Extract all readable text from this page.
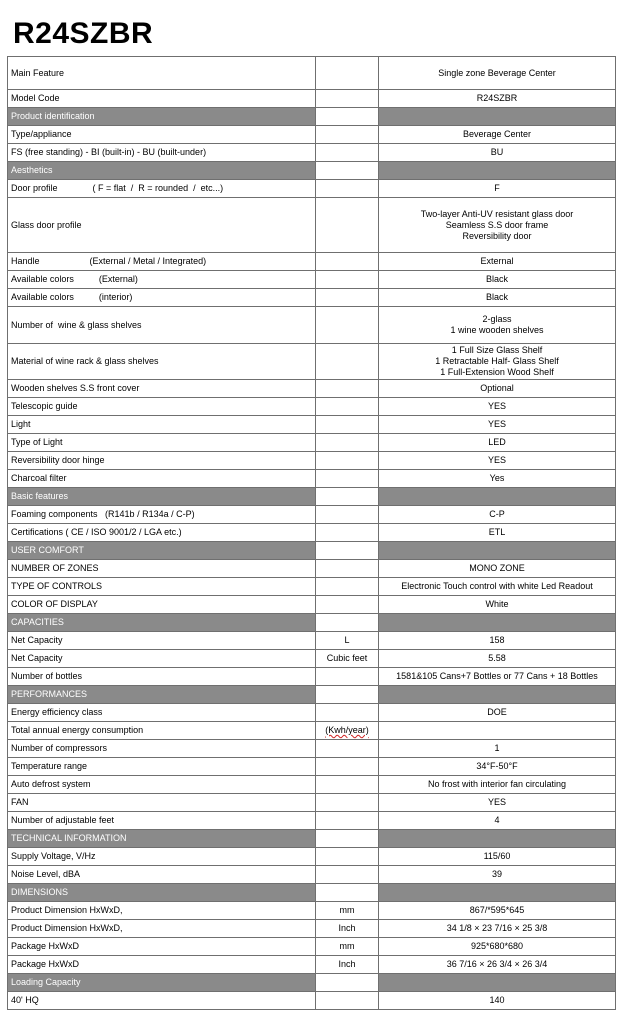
R24SZBR
Main Feature		Single zone Beverage Center

Model Code		R24SZBR

Product identification		
Type/appliance		Beverage Center

FS (free standing) - BI (built-in) - BU (built-under)		BU

Aesthetics		
Door profile              ( F = flat  /  R = rounded  /  etc...)		F

Glass door profile		Two-layer Anti-UV resistant glass door
Seamless S.S door frame
Reversibility door

Handle                    (External / Metal / Integrated)		External

Available colors          (External)		Black

Available colors          (interior)		Black

Number of  wine & glass shelves		2-glass
1 wine wooden shelves

Material of wine rack & glass shelves		1 Full Size Glass Shelf
1 Retractable Half- Glass Shelf
1 Full-Extension Wood Shelf

Wooden shelves S.S front cover		Optional

Telescopic guide		YES

Light		YES

Type of Light		LED

Reversibility door hinge		YES

Charcoal filter		Yes

Basic features		
Foaming components   (R141b / R134a / C-P)		C-P

Certifications ( CE / ISO 9001/2 / LGA etc.)		ETL

USER COMFORT		
NUMBER OF ZONES		MONO ZONE

TYPE OF CONTROLS		Electronic Touch control with white Led Readout

COLOR OF DISPLAY		White

CAPACITIES		
Net Capacity	L	158

Net Capacity	Cubic feet	5.58

Number of bottles		1581&105 Cans+7 Bottles or 77 Cans + 18 Bottles

PERFORMANCES		
Energy efficiency class		DOE

Total annual energy consumption	(Kwh/year)	

Number of compressors		1

Temperature range		34°F-50°F

Auto defrost system		No frost with interior fan circulating

FAN		YES

Number of adjustable feet		4

TECHNICAL INFORMATION		
Supply Voltage, V/Hz		115/60

Noise Level, dBA		39

DIMENSIONS		
Product Dimension HxWxD,	mm	867/*595*645

Product Dimension HxWxD,	Inch	34 1/8 × 23 7/16 × 25 3/8

Package HxWxD	mm	925*680*680

Package HxWxD	Inch	36 7/16 × 26 3/4 × 26 3/4

Loading Capacity		
40' HQ		140
